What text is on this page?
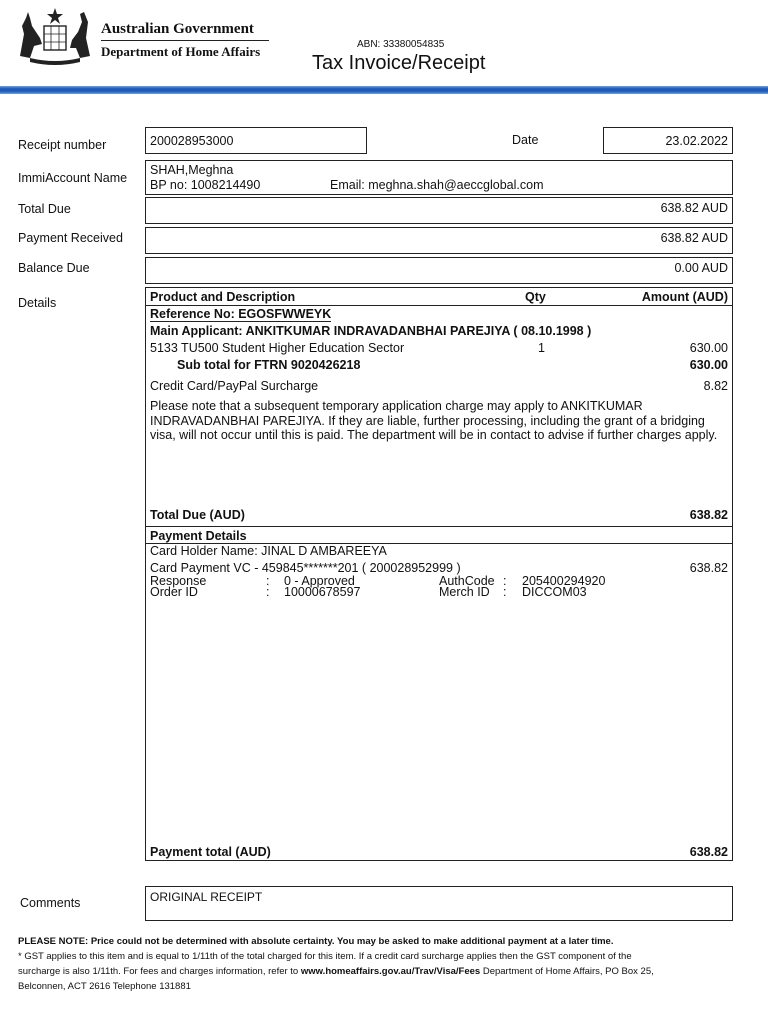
Australian Government
Department of Home Affairs	ABN: 33380054835
Tax Invoice/Receipt
Receipt number	200028953000	Date	23.02.2022
ImmiAccount Name
SHAH,Meghna
BP no: 1008214490	Email: meghna.shah@aeccglobal.com
Total Due	638.82 AUD
Payment Received	638.82 AUD
Balance Due	0.00 AUD
Details	Product and Description	Qty	Amount (AUD)
Reference No: EGOSFWWEYK
Main Applicant: ANKITKUMAR INDRAVADANBHAI PAREJIYA ( 08.10.1998 )
5133 TU500 Student Higher Education Sector	1	630.00
Sub total for FTRN 9020426218	630.00
Credit Card/PayPal Surcharge	8.82
Please note that a subsequent temporary application charge may apply to ANKITKUMAR INDRAVADANBHAI PAREJIYA. If they are liable, further processing, including the grant of a bridging visa, will not occur until this is paid. The department will be in contact to advise if further charges apply.
Total Due (AUD)	638.82
Payment Details
Card Holder Name: JINAL D AMBAREEYA
Card Payment VC - 459845*******201 ( 200028952999 )	638.82
Response	: 0 - Approved	AuthCode : 205400294920
Order ID	: 10000678597	Merch ID : DICCOM03
Payment total (AUD)	638.82
Comments	ORIGINAL RECEIPT
PLEASE NOTE: Price could not be determined with absolute certainty. You may be asked to make additional payment at a later time.
* GST applies to this item and is equal to 1/11th of the total charged for this item. If a credit card surcharge applies then the GST component of the
surcharge is also 1/11th. For fees and charges information, refer to www.homeaffairs.gov.au/Trav/Visa/Fees Department of Home Affairs, PO Box 25,
Belconnen, ACT 2616 Telephone 131881
